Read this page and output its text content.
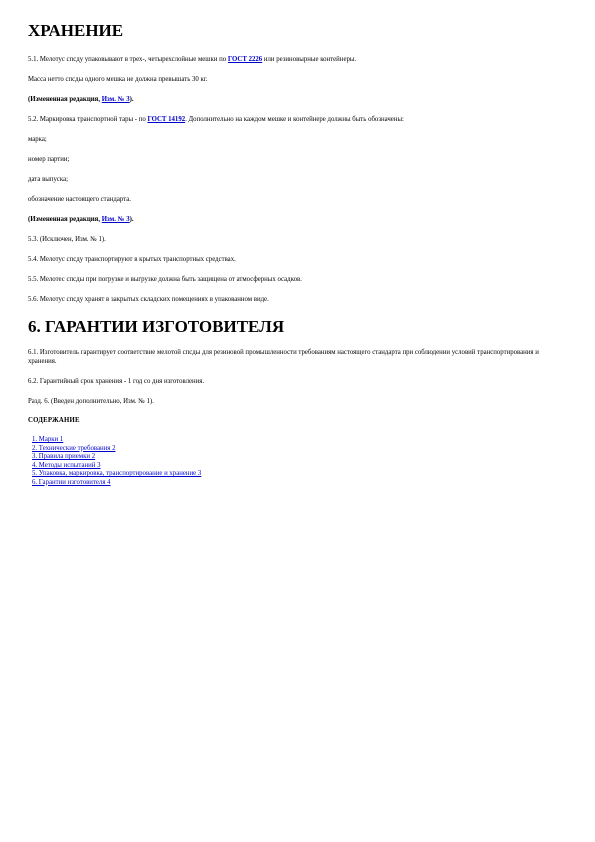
ХРАНЕНИЕ

5.1. Мелотус спсду упаковывают в трех-, четырехслойные мешки по ГОСТ 2226 или резиновырные контейнеры.

Масса нетто спсды одного мешка не должна превышать 30 кг.

(Измененная редакция, Изм. № 3).

5.2. Маркировка транспортной тары - по ГОСТ 14192. Дополнительно на каждом мешке и контейнере должны быть обозначены:

марка;

номер партии;

дата выпуска;

обозначение настоящего стандарта.

(Измененная редакция, Изм. № 3).

5.3. (Исключен, Изм. № 1).

5.4. Мелотус спсду транспортируют в крытых транспортных средствах.

5.5. Мелотес спсды при погрузке и выгрузке должна быть защищена от атмосферных осадков.

5.6. Мелотус спсду хранят в закрытых складских помещениях в упакованном виде.

6. ГАРАНТИИ ИЗГОТОВИТЕЛЯ

6.1. Изготовитель гарантирует соответствие мелотой спсды для резиновой промышленности требованиям настоящего стандарта при соблюдении условий транспортирования и хранения.

6.2. Гарантийный срок хранения - 1 год со дня изготовления.

Разд. 6. (Введен дополнительно, Изм. № 1).

СОДЕРЖАНИЕ
1. Марки 1
2. Технические требования 2
3. Правила приемки 2
4. Методы испытаний 3
5. Упаковка, маркировка, транспортирование и хранение 3
6. Гарантии изготовителя 4
